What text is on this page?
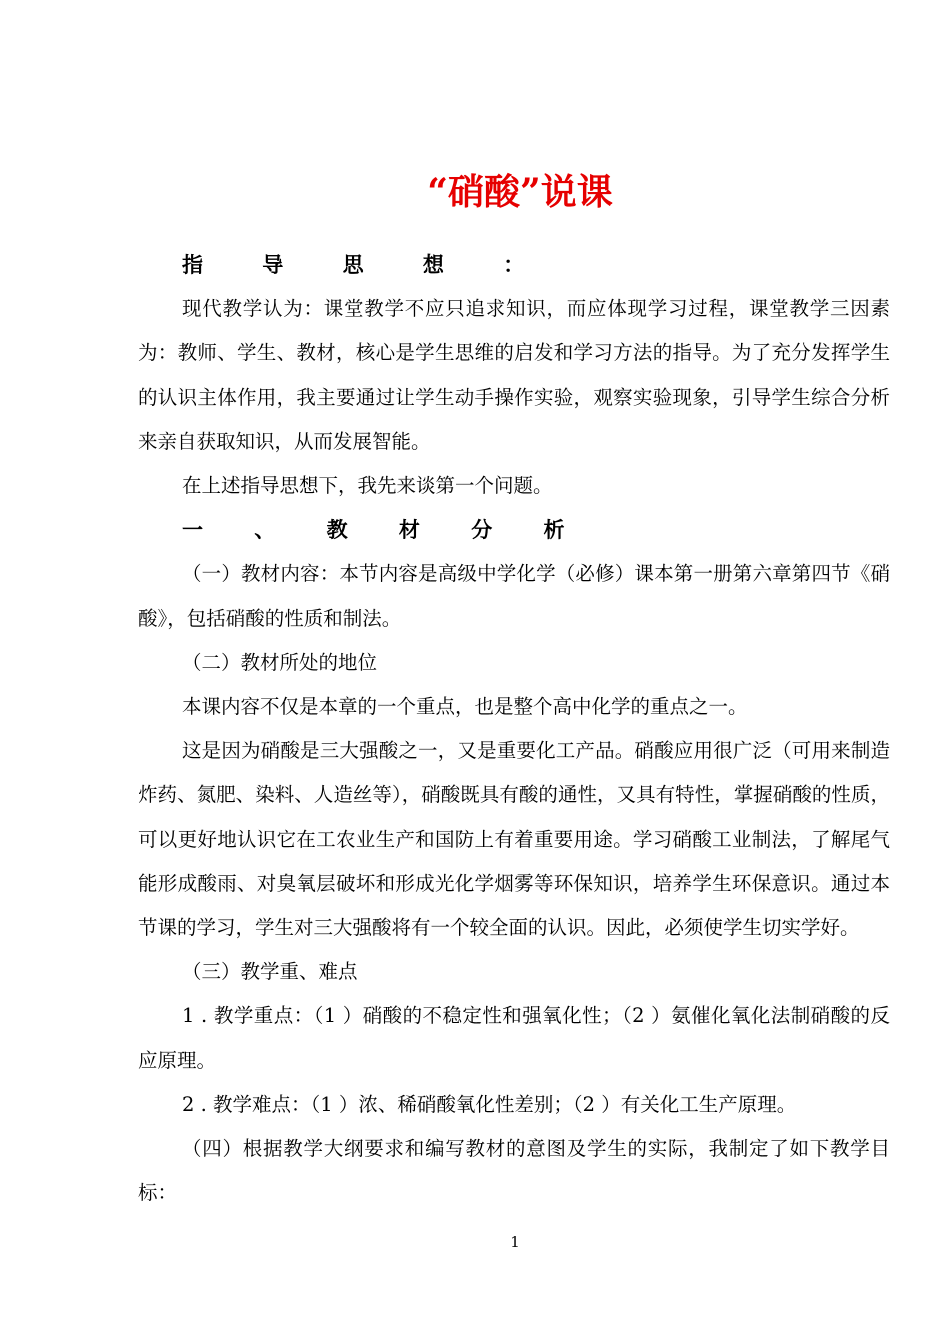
“硝酸”说课

指 导 思 想 ：

现代教学认为：课堂教学不应只追求知识，而应体现学习过程，课堂教学三因素为：教师、学生、教材，核心是学生思维的启发和学习方法的指导。为了充分发挥学生的认识主体作用，我主要通过让学生动手操作实验，观察实验现象，引导学生综合分析来亲自获取知识，从而发展智能。

在上述指导思想下，我先来谈第一个问题。

一 、 教 材 分 析

（一）教材内容：本节内容是高级中学化学（必修）课本第一册第六章第四节《硝酸》，包括硝酸的性质和制法。

（二）教材所处的地位

本课内容不仅是本章的一个重点，也是整个高中化学的重点之一。

这是因为硝酸是三大强酸之一，又是重要化工产品。硝酸应用很广泛（可用来制造炸药、氮肥、染料、人造丝等），硝酸既具有酸的通性，又具有特性，掌握硝酸的性质，可以更好地认识它在工农业生产和国防上有着重要用途。学习硝酸工业制法，了解尾气能形成酸雨、对臭氧层破坏和形成光化学烟雾等环保知识，培养学生环保意识。通过本节课的学习，学生对三大强酸将有一个较全面的认识。因此，必须使学生切实学好。

（三）教学重、难点

1 . 教学重点：（1 ）硝酸的不稳定性和强氧化性；（2 ）氨催化氧化法制硝酸的反应原理。

2 . 教学难点：（1 ）浓、稀硝酸氧化性差别；（2 ）有关化工生产原理。

（四）根据教学大纲要求和编写教材的意图及学生的实际，我制定了如下教学目标：

1
